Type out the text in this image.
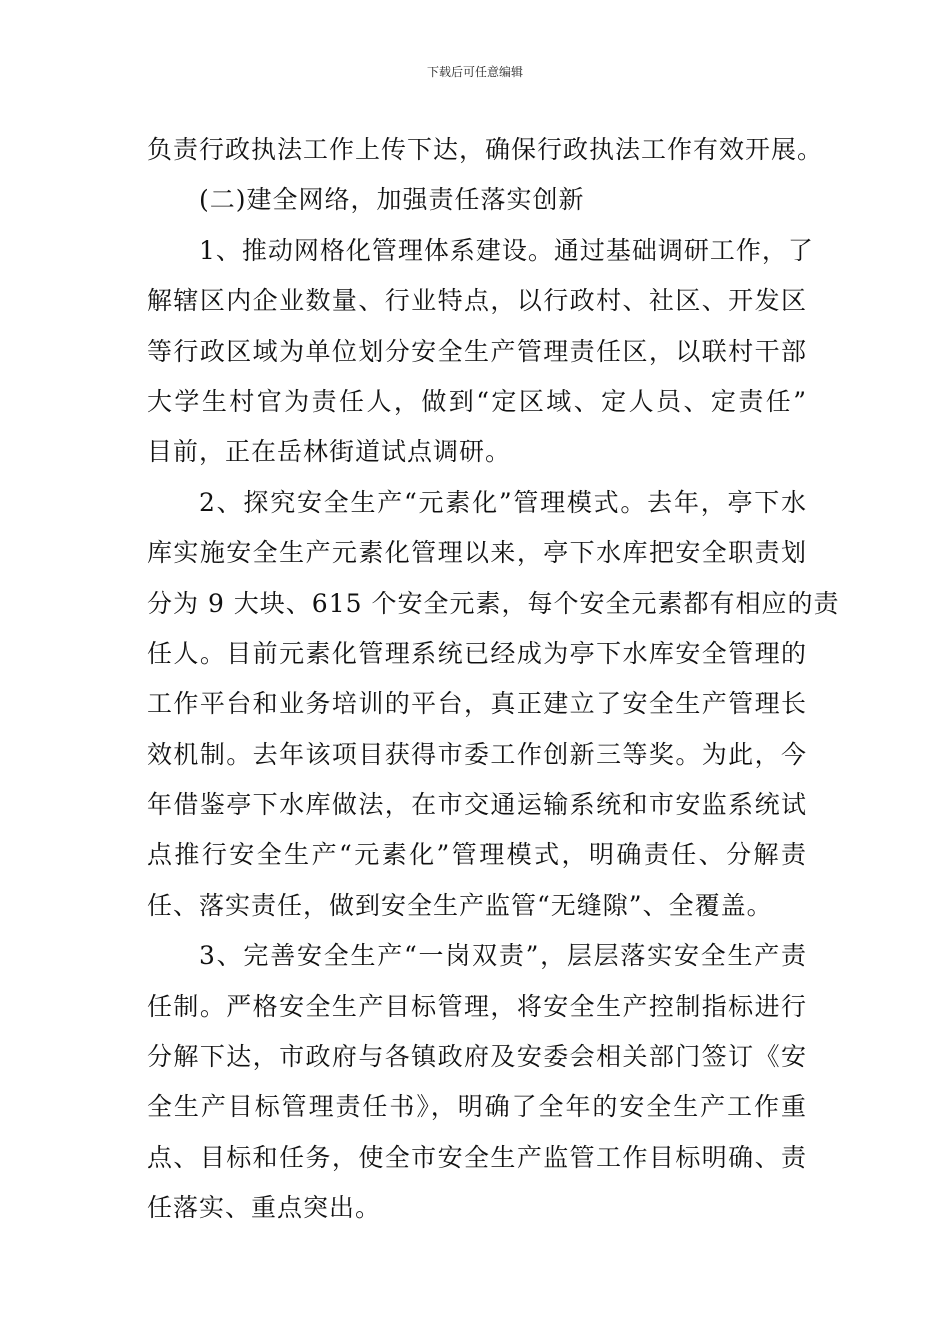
下载后可任意编辑
负责行政执法工作上传下达，确保行政执法工作有效开展。
(二)建全网络，加强责任落实创新
1、推动网格化管理体系建设。通过基础调研工作，了
解辖区内企业数量、行业特点，以行政村、社区、开发区
等行政区域为单位划分安全生产管理责任区，以联村干部
大学生村官为责任人，做到“定区域、定人员、定责任”
目前，正在岳林街道试点调研。
2、探究安全生产“元素化”管理模式。去年，亭下水
库实施安全生产元素化管理以来，亭下水库把安全职责划
分为 9 大块、615 个安全元素，每个安全元素都有相应的责
任人。目前元素化管理系统已经成为亭下水库安全管理的
工作平台和业务培训的平台，真正建立了安全生产管理长
效机制。去年该项目获得市委工作创新三等奖。为此，今
年借鉴亭下水库做法，在市交通运输系统和市安监系统试
点推行安全生产“元素化”管理模式，明确责任、分解责
任、落实责任，做到安全生产监管“无缝隙”、全覆盖。
3、完善安全生产“一岗双责”，层层落实安全生产责
任制。严格安全生产目标管理，将安全生产控制指标进行
分解下达，市政府与各镇政府及安委会相关部门签订《安
全生产目标管理责任书》，明确了全年的安全生产工作重
点、目标和任务，使全市安全生产监管工作目标明确、责
任落实、重点突出。
